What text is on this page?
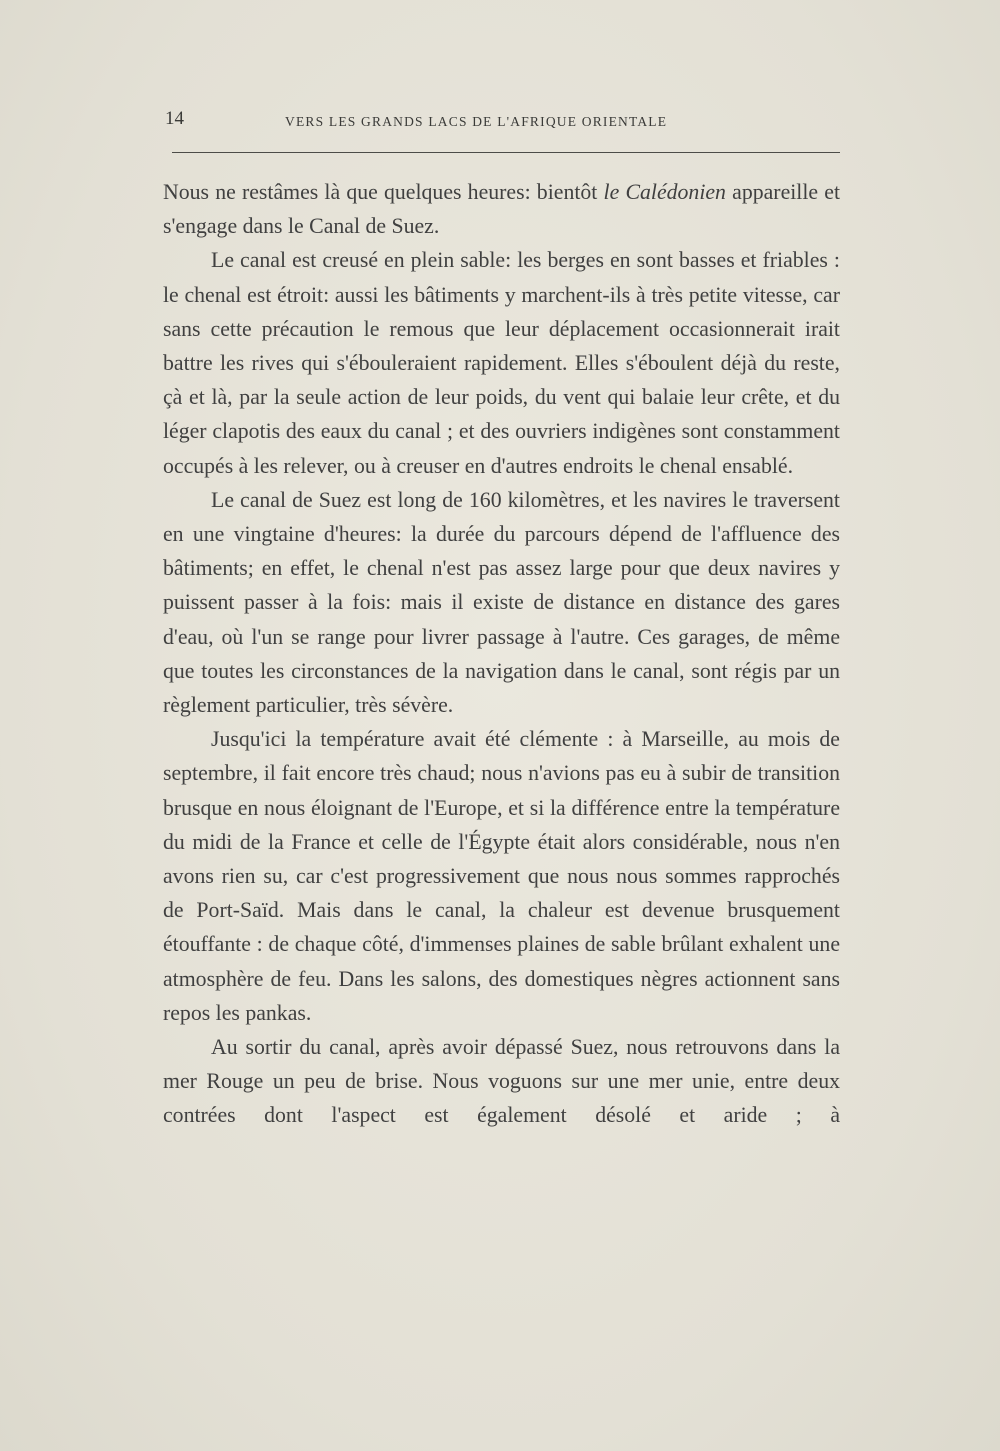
14	VERS LES GRANDS LACS DE L'AFRIQUE ORIENTALE

Nous ne restâmes là que quelques heures: bientôt le Calédonien appareille et s'engage dans le Canal de Suez.

Le canal est creusé en plein sable: les berges en sont basses et friables : le chenal est étroit: aussi les bâtiments y marchent-ils à très petite vitesse, car sans cette précaution le remous que leur déplacement occasionnerait irait battre les rives qui s'ébouleraient rapidement. Elles s'éboulent déjà du reste, çà et là, par la seule action de leur poids, du vent qui balaie leur crête, et du léger clapotis des eaux du canal ; et des ouvriers indigènes sont constamment occupés à les relever, ou à creuser en d'autres endroits le chenal ensablé.

Le canal de Suez est long de 160 kilomètres, et les navires le traversent en une vingtaine d'heures: la durée du parcours dépend de l'affluence des bâtiments; en effet, le chenal n'est pas assez large pour que deux navires y puissent passer à la fois: mais il existe de distance en distance des gares d'eau, où l'un se range pour livrer passage à l'autre. Ces garages, de même que toutes les circonstances de la navigation dans le canal, sont régis par un règlement particulier, très sévère.

Jusqu'ici la température avait été clémente : à Marseille, au mois de septembre, il fait encore très chaud; nous n'avions pas eu à subir de transition brusque en nous éloignant de l'Europe, et si la différence entre la température du midi de la France et celle de l'Égypte était alors considérable, nous n'en avons rien su, car c'est progressivement que nous nous sommes rapprochés de Port-Saïd. Mais dans le canal, la chaleur est devenue brusquement étouffante : de chaque côté, d'immenses plaines de sable brûlant exhalent une atmosphère de feu. Dans les salons, des domestiques nègres actionnent sans repos les pankas.

Au sortir du canal, après avoir dépassé Suez, nous retrouvons dans la mer Rouge un peu de brise. Nous voguons sur une mer unie, entre deux contrées dont l'aspect est également désolé et aride ; à
